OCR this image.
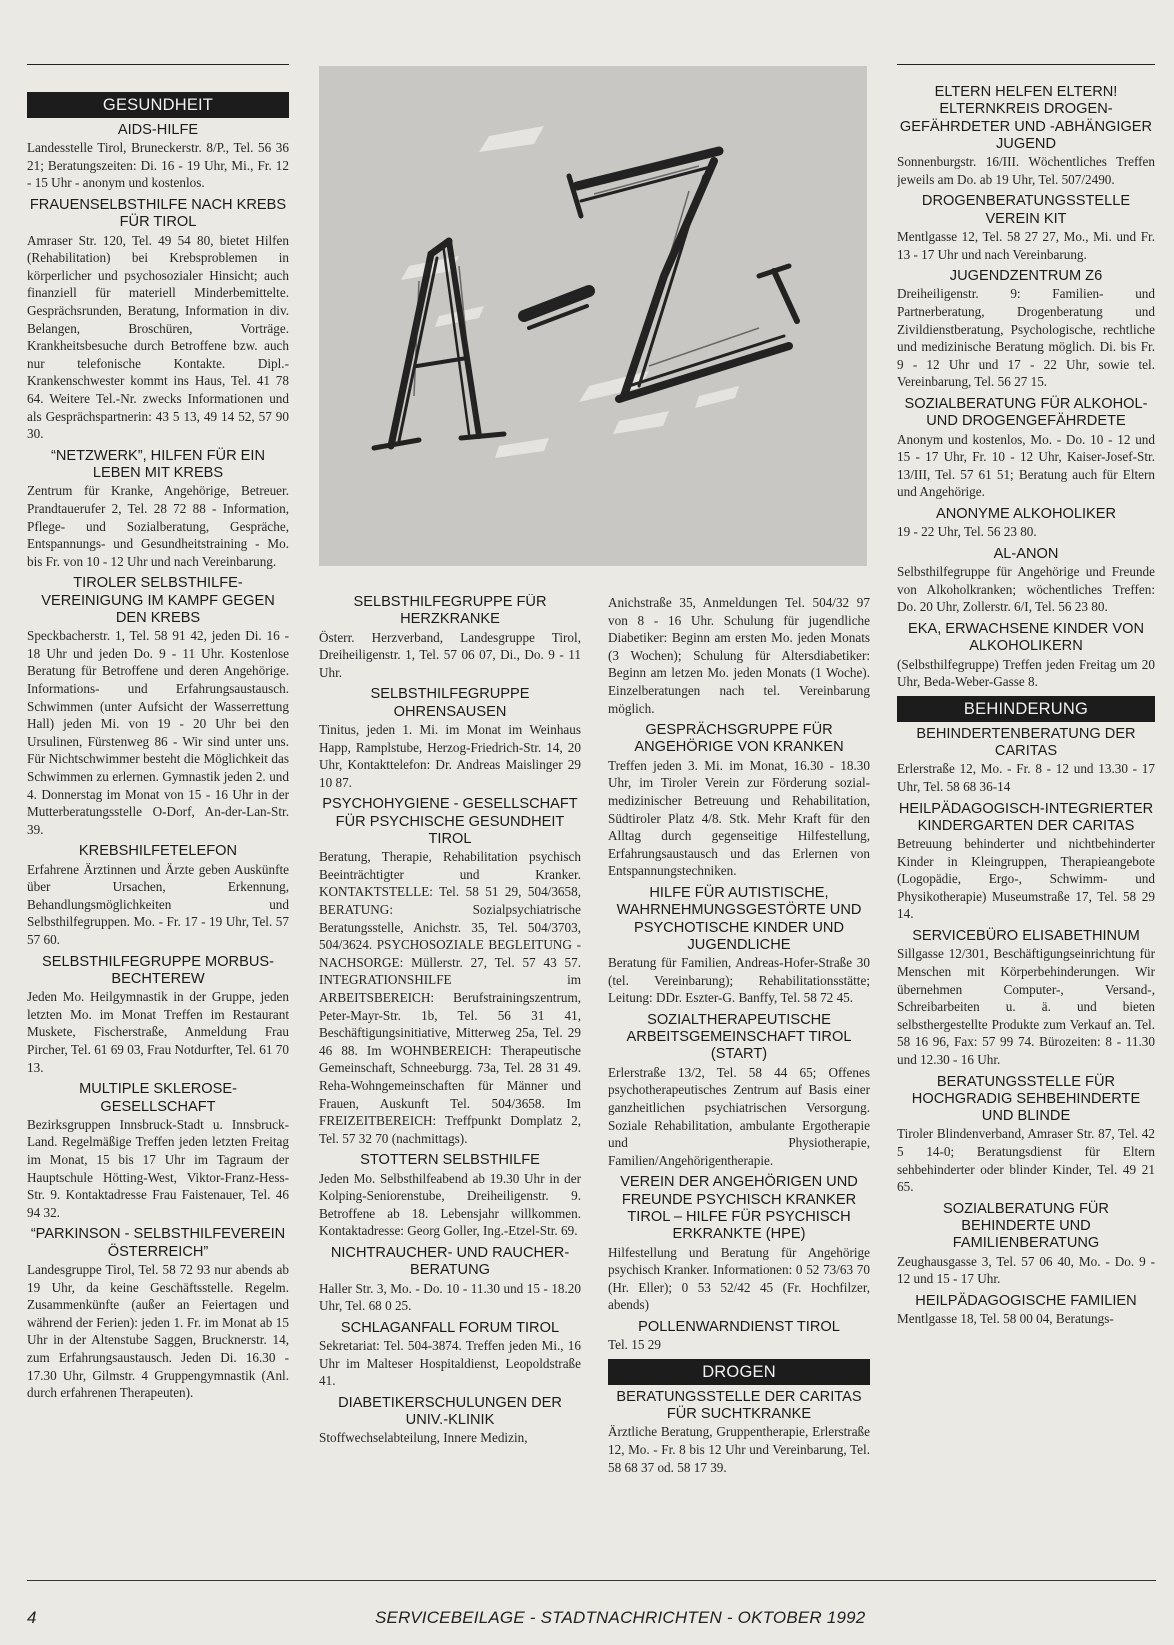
GESUNDHEIT
AIDS-HILFE
Landesstelle Tirol, Bruneckerstr. 8/P., Tel. 56 36 21; Beratungszeiten: Di. 16 - 19 Uhr, Mi., Fr. 12 - 15 Uhr - anonym und kostenlos.
FRAUENSELBSTHILFE NACH KREBS FÜR TIROL
Amraser Str. 120, Tel. 49 54 80, bietet Hilfen (Rehabilitation) bei Krebsproblemen in körperlicher und psychosozialer Hinsicht; auch finanziell für materiell Minderbemittelte. Gesprächsrunden, Beratung, Information in div. Belangen, Broschüren, Vorträge. Krankheitsbesuche durch Betroffene bzw. auch nur telefonische Kontakte. Dipl.-Krankenschwester kommt ins Haus, Tel. 41 78 64. Weitere Tel.-Nr. zwecks Informationen und als Gesprächspartnerin: 43 5 13, 49 14 52, 57 90 30.
“NETZWERK”, HILFEN FÜR EIN LEBEN MIT KREBS
Zentrum für Kranke, Angehörige, Betreuer. Prandtauerufer 2, Tel. 28 72 88 - Information, Pflege- und Sozialberatung, Gespräche, Entspannungs- und Gesundheitstraining - Mo. bis Fr. von 10 - 12 Uhr und nach Vereinbarung.
TIROLER SELBSTHILFE-VEREINIGUNG IM KAMPF GEGEN DEN KREBS
Speckbacherstr. 1, Tel. 58 91 42, jeden Di. 16 - 18 Uhr und jeden Do. 9 - 11 Uhr. Kostenlose Beratung für Betroffene und deren Angehörige. Informations- und Erfahrungsaustausch. Schwimmen (unter Aufsicht der Wasserrettung Hall) jeden Mi. von 19 - 20 Uhr bei den Ursulinen, Fürstenweg 86 - Wir sind unter uns. Für Nichtschwimmer besteht die Möglichkeit das Schwimmen zu erlernen. Gymnastik jeden 2. und 4. Donnerstag im Monat von 15 - 16 Uhr in der Mutterberatungsstelle O-Dorf, An-der-Lan-Str. 39.
KREBSHILFETELEFON
Erfahrene Ärztinnen und Ärzte geben Auskünfte über Ursachen, Erkennung, Behandlungsmöglichkeiten und Selbsthilfegruppen. Mo. - Fr. 17 - 19 Uhr, Tel. 57 57 60.
SELBSTHILFEGRUPPE MORBUS-BECHTEREW
Jeden Mo. Heilgymnastik in der Gruppe, jeden letzten Mo. im Monat Treffen im Restaurant Muskete, Fischerstraße, Anmeldung Frau Pircher, Tel. 61 69 03, Frau Notdurfter, Tel. 61 70 13.
MULTIPLE SKLEROSE-GESELLSCHAFT
Bezirksgruppen Innsbruck-Stadt u. Innsbruck-Land. Regelmäßige Treffen jeden letzten Freitag im Monat, 15 bis 17 Uhr im Tagraum der Hauptschule Hötting-West, Viktor-Franz-Hess-Str. 9. Kontaktadresse Frau Faistenauer, Tel. 46 94 32.
“PARKINSON - SELBSTHILFEVEREIN ÖSTERREICH”
Landesgruppe Tirol, Tel. 58 72 93 nur abends ab 19 Uhr, da keine Geschäftsstelle. Regelm. Zusammenkünfte (außer an Feiertagen und während der Ferien): jeden 1. Fr. im Monat ab 15 Uhr in der Altenstube Saggen, Brucknerstr. 14, zum Erfahrungsaustausch. Jeden Di. 16.30 - 17.30 Uhr, Gilmstr. 4 Gruppengymnastik (Anl. durch erfahrenen Therapeuten).
A-Z
SELBSTHILFEGRUPPE FÜR HERZKRANKE
Österr. Herzverband, Landesgruppe Tirol, Dreiheiligenstr. 1, Tel. 57 06 07, Di., Do. 9 - 11 Uhr.
SELBSTHILFEGRUPPE OHRENSAUSEN
Tinitus, jeden 1. Mi. im Monat im Weinhaus Happ, Ramplstube, Herzog-Friedrich-Str. 14, 20 Uhr, Kontakttelefon: Dr. Andreas Maislinger 29 10 87.
PSYCHOHYGIENE - GESELLSCHAFT FÜR PSYCHISCHE GESUNDHEIT TIROL
Beratung, Therapie, Rehabilitation psychisch Beeinträchtigter und Kranker. KONTAKTSTELLE: Tel. 58 51 29, 504/3658, BERATUNG: Sozialpsychiatrische Beratungsstelle, Anichstr. 35, Tel. 504/3703, 504/3624. PSYCHOSOZIALE BEGLEITUNG - NACHSORGE: Müllerstr. 27, Tel. 57 43 57. INTEGRATIONSHILFE im ARBEITSBEREICH: Berufstrainingszentrum, Peter-Mayr-Str. 1b, Tel. 56 31 41, Beschäftigungsinitiative, Mitterweg 25a, Tel. 29 46 88. Im WOHNBEREICH: Therapeutische Gemeinschaft, Schneeburgg. 73a, Tel. 28 31 49. Reha-Wohngemeinschaften für Männer und Frauen, Auskunft Tel. 504/3658. Im FREIZEITBEREICH: Treffpunkt Domplatz 2, Tel. 57 32 70 (nachmittags).
STOTTERN SELBSTHILFE
Jeden Mo. Selbsthilfeabend ab 19.30 Uhr in der Kolping-Seniorenstube, Dreiheiligenstr. 9. Betroffene ab 18. Lebensjahr willkommen. Kontaktadresse: Georg Goller, Ing.-Etzel-Str. 69.
NICHTRAUCHER- UND RAUCHER-BERATUNG
Haller Str. 3, Mo. - Do. 10 - 11.30 und 15 - 18.20 Uhr, Tel. 68 0 25.
SCHLAGANFALL FORUM TIROL
Sekretariat: Tel. 504-3874. Treffen jeden Mi., 16 Uhr im Malteser Hospitaldienst, Leopoldstraße 41.
DIABETIKERSCHULUNGEN DER UNIV.-KLINIK
Stoffwechselabteilung, Innere Medizin,
Anichstraße 35, Anmeldungen Tel. 504/32 97 von 8 - 16 Uhr. Schulung für jugendliche Diabetiker: Beginn am ersten Mo. jeden Monats (3 Wochen); Schulung für Altersdiabetiker: Beginn am letzen Mo. jeden Monats (1 Woche). Einzelberatungen nach tel. Vereinbarung möglich.
GESPRÄCHSGRUPPE FÜR ANGEHÖRIGE VON KRANKEN
Treffen jeden 3. Mi. im Monat, 16.30 - 18.30 Uhr, im Tiroler Verein zur Förderung sozial-medizinischer Betreuung und Rehabilitation, Südtiroler Platz 4/8. Stk. Mehr Kraft für den Alltag durch gegenseitige Hilfestellung, Erfahrungsaustausch und das Erlernen von Entspannungstechniken.
HILFE FÜR AUTISTISCHE, WAHRNEHMUNGSGESTÖRTE UND PSYCHOTISCHE KINDER UND JUGENDLICHE
Beratung für Familien, Andreas-Hofer-Straße 30 (tel. Vereinbarung); Rehabilitationsstätte; Leitung: DDr. Eszter-G. Banffy, Tel. 58 72 45.
SOZIALTHERAPEUTISCHE ARBEITSGEMEINSCHAFT TIROL (START)
Erlerstraße 13/2, Tel. 58 44 65; Offenes psychotherapeutisches Zentrum auf Basis einer ganzheitlichen psychiatrischen Versorgung. Soziale Rehabilitation, ambulante Ergotherapie und Physiotherapie, Familien/Angehörigentherapie.
VEREIN DER ANGEHÖRIGEN UND FREUNDE PSYCHISCH KRANKER TIROL – HILFE FÜR PSYCHISCH ERKRANKTE (HPE)
Hilfestellung und Beratung für Angehörige psychisch Kranker. Informationen: 0 52 73/63 70 (Hr. Eller); 0 53 52/42 45 (Fr. Hochfilzer, abends)
POLLENWARNDIENST TIROL
Tel. 15 29
DROGEN
BERATUNGSSTELLE DER CARITAS FÜR SUCHTKRANKE
Ärztliche Beratung, Gruppentherapie, Erlerstraße 12, Mo. - Fr. 8 bis 12 Uhr und Vereinbarung, Tel. 58 68 37 od. 58 17 39.
ELTERN HELFEN ELTERN! ELTERNKREIS DROGEN-GEFÄHRDETER UND -ABHÄNGIGER JUGEND
Sonnenburgstr. 16/III. Wöchentliches Treffen jeweils am Do. ab 19 Uhr, Tel. 507/2490.
DROGENBERATUNGSSTELLE VEREIN KIT
Mentlgasse 12, Tel. 58 27 27, Mo., Mi. und Fr. 13 - 17 Uhr und nach Vereinbarung.
JUGENDZENTRUM Z6
Dreiheiligenstr. 9: Familien- und Partnerberatung, Drogenberatung und Zivildienstberatung, Psychologische, rechtliche und medizinische Beratung möglich. Di. bis Fr. 9 - 12 Uhr und 17 - 22 Uhr, sowie tel. Vereinbarung, Tel. 56 27 15.
SOZIALBERATUNG FÜR ALKOHOL- UND DROGENGEFÄHRDETE
Anonym und kostenlos, Mo. - Do. 10 - 12 und 15 - 17 Uhr, Fr. 10 - 12 Uhr, Kaiser-Josef-Str. 13/III, Tel. 57 61 51; Beratung auch für Eltern und Angehörige.
ANONYME ALKOHOLIKER
19 - 22 Uhr, Tel. 56 23 80.
AL-ANON
Selbsthilfegruppe für Angehörige und Freunde von Alkoholkranken; wöchentliches Treffen: Do. 20 Uhr, Zollerstr. 6/I, Tel. 56 23 80.
EKA, ERWACHSENE KINDER VON ALKOHOLIKERN
(Selbsthilfegruppe) Treffen jeden Freitag um 20 Uhr, Beda-Weber-Gasse 8.
BEHINDERUNG
BEHINDERTENBERATUNG DER CARITAS
Erlerstraße 12, Mo. - Fr. 8 - 12 und 13.30 - 17 Uhr, Tel. 58 68 36-14
HEILPÄDAGOGISCH-INTEGRIERTER KINDERGARTEN DER CARITAS
Betreuung behinderter und nichtbehinderter Kinder in Kleingruppen, Therapieangebote (Logopädie, Ergo-, Schwimm- und Physikotherapie) Museumstraße 17, Tel. 58 29 14.
SERVICEBÜRO ELISABETHINUM
Sillgasse 12/301, Beschäftigungseinrichtung für Menschen mit Körperbehinderungen. Wir übernehmen Computer-, Versand-, Schreibarbeiten u. ä. und bieten selbsthergestellte Produkte zum Verkauf an. Tel. 58 16 96, Fax: 57 99 74. Bürozeiten: 8 - 11.30 und 12.30 - 16 Uhr.
BERATUNGSSTELLE FÜR HOCHGRADIG SEHBEHINDERTE UND BLINDE
Tiroler Blindenverband, Amraser Str. 87, Tel. 42 5 14-0; Beratungsdienst für Eltern sehbehinderter oder blinder Kinder, Tel. 49 21 65.
SOZIALBERATUNG FÜR BEHINDERTE UND FAMILIENBERATUNG
Zeughausgasse 3, Tel. 57 06 40, Mo. - Do. 9 - 12 und 15 - 17 Uhr.
HEILPÄDAGOGISCHE FAMILIEN
Mentlgasse 18, Tel. 58 00 04, Beratungs-
4	SERVICEBEILAGE - STADTNACHRICHTEN - OKTOBER 1992
